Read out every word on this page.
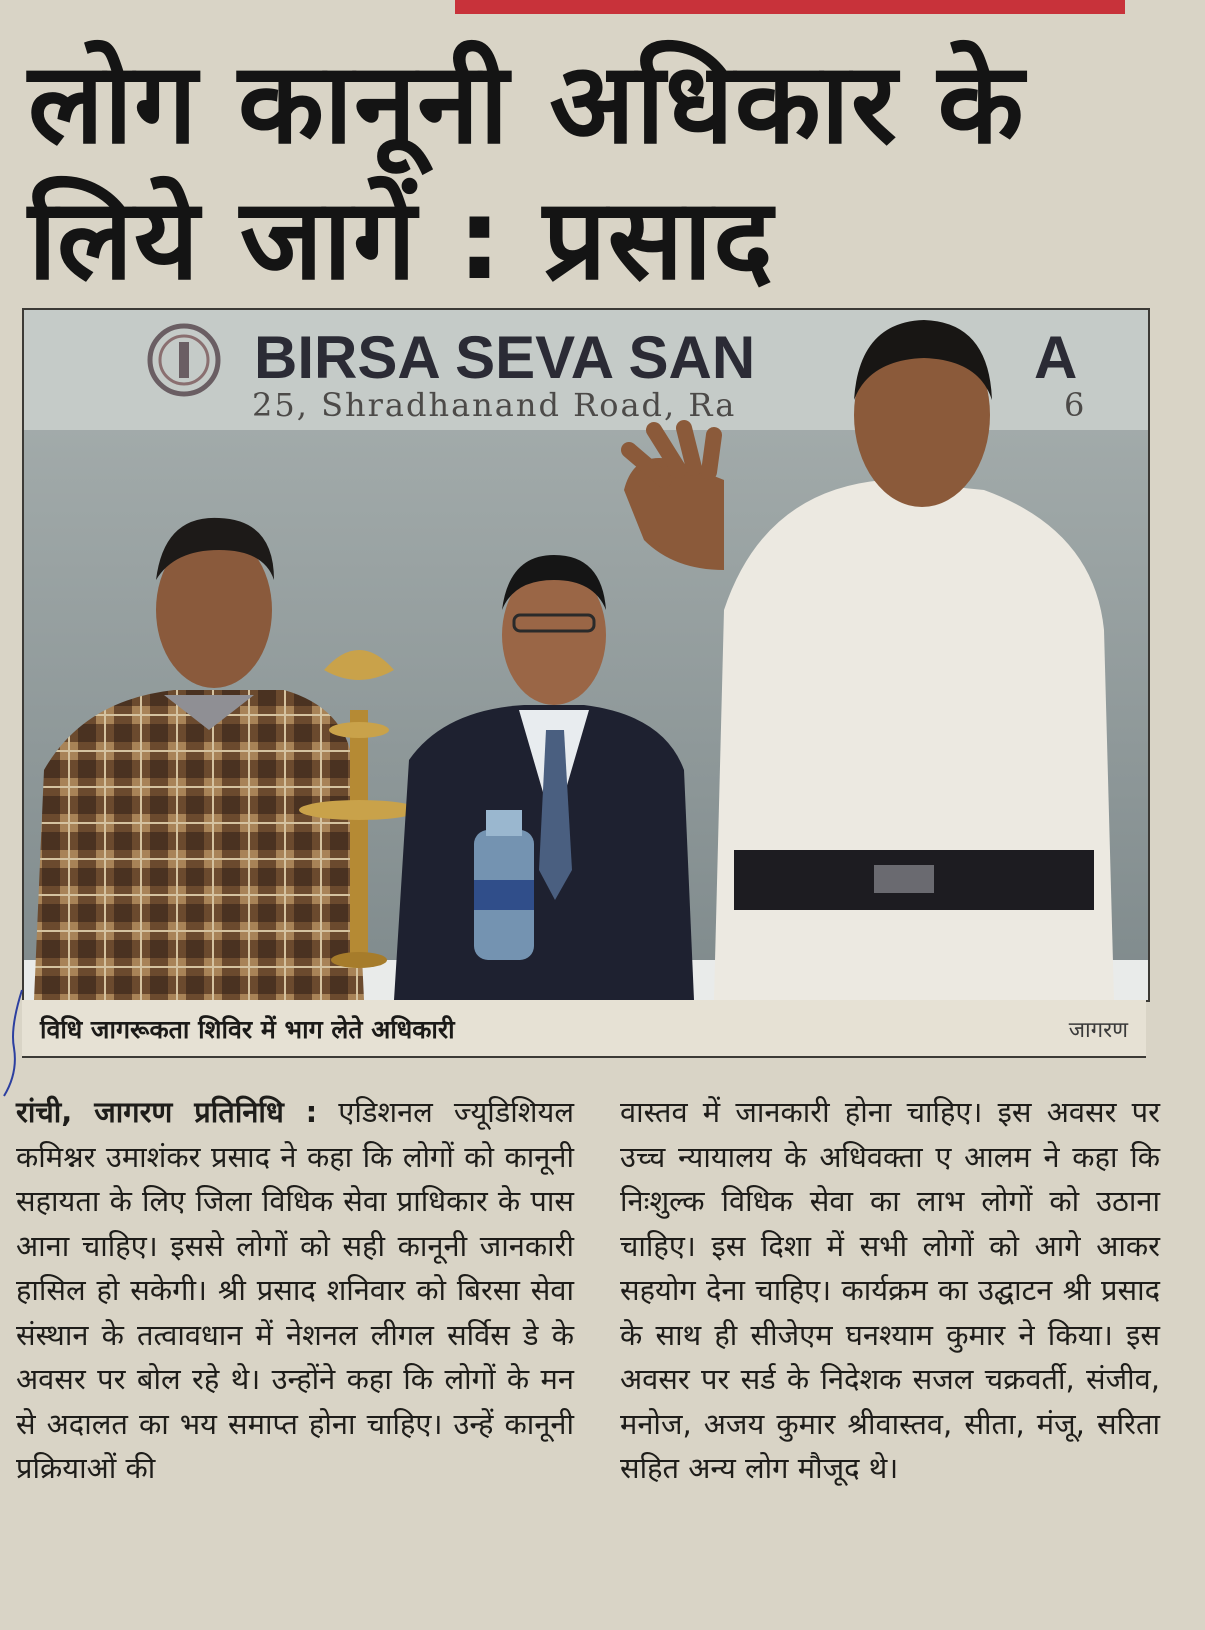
लोग कानूनी अधिकार के लिये जागें : प्रसाद
BIRSA SEVA SAN
25, Shradhanand Road, Ra
A
6
विधि जागरूकता शिविर में भाग लेते अधिकारी	जागरण

रांची, जागरण प्रतिनिधि : एडिशनल ज्यूडिशियल कमिश्नर उमाशंकर प्रसाद ने कहा कि लोगों को कानूनी सहायता के लिए जिला विधिक सेवा प्राधिकार के पास आना चाहिए। इससे लोगों को सही कानूनी जानकारी हासिल हो सकेगी। श्री प्रसाद शनिवार को बिरसा सेवा संस्थान के तत्वावधान में नेशनल लीगल सर्विस डे के अवसर पर बोल रहे थे। उन्होंने कहा कि लोगों के मन से अदालत का भय समाप्त होना चाहिए। उन्हें कानूनी प्रक्रियाओं की

वास्तव में जानकारी होना चाहिए। इस अवसर पर उच्च न्यायालय के अधिवक्ता ए आलम ने कहा कि निःशुल्क विधिक सेवा का लाभ लोगों को उठाना चाहिए। इस दिशा में सभी लोगों को आगे आकर सहयोग देना चाहिए। कार्यक्रम का उद्घाटन श्री प्रसाद के साथ ही सीजेएम घनश्याम कुमार ने किया। इस अवसर पर सर्ड के निदेशक सजल चक्रवर्ती, संजीव, मनोज, अजय कुमार श्रीवास्तव, सीता, मंजू, सरिता सहित अन्य लोग मौजूद थे।
